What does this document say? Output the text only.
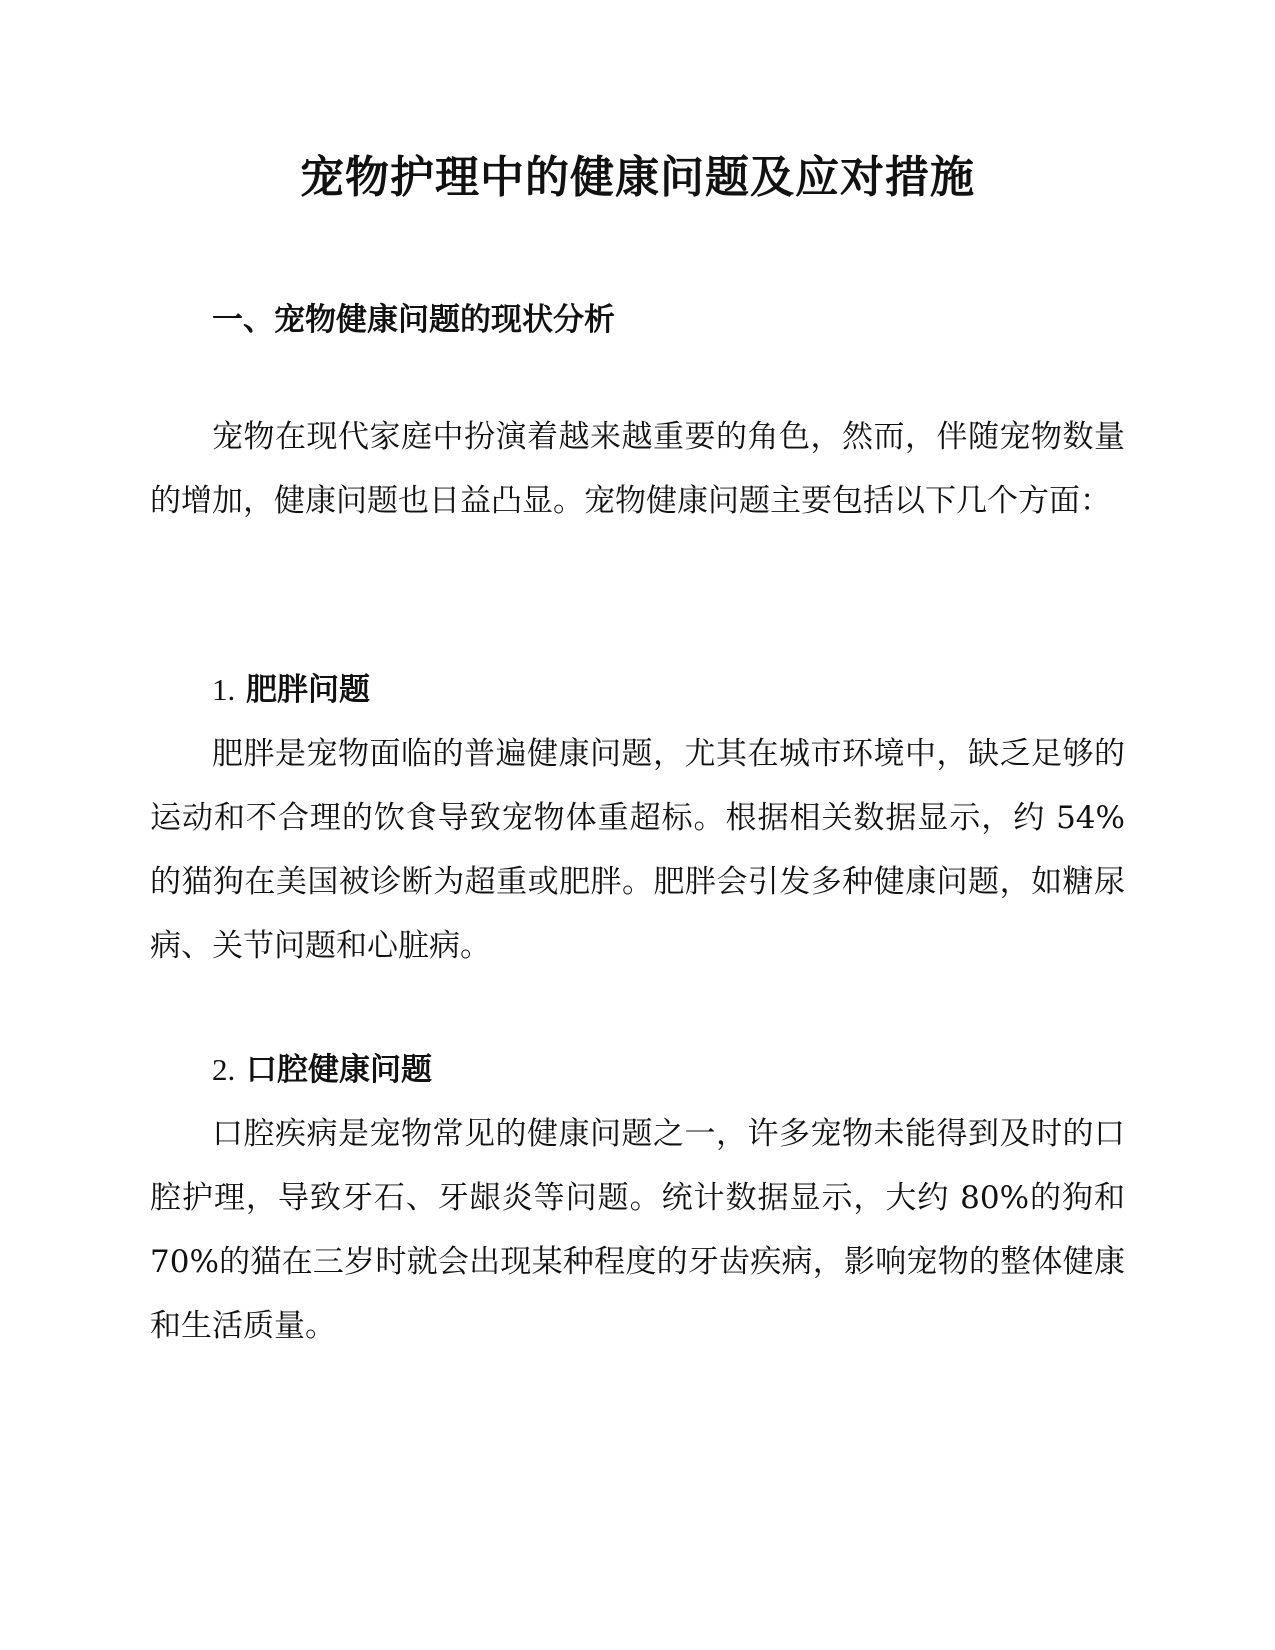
宠物护理中的健康问题及应对措施
一、宠物健康问题的现状分析

宠物在现代家庭中扮演着越来越重要的角色，然而，伴随宠物数量的增加，健康问题也日益凸显。宠物健康问题主要包括以下几个方面：

1. 肥胖问题

肥胖是宠物面临的普遍健康问题，尤其在城市环境中，缺乏足够的运动和不合理的饮食导致宠物体重超标。根据相关数据显示，约 54%的猫狗在美国被诊断为超重或肥胖。肥胖会引发多种健康问题，如糖尿病、关节问题和心脏病。

2. 口腔健康问题

口腔疾病是宠物常见的健康问题之一，许多宠物未能得到及时的口腔护理，导致牙石、牙龈炎等问题。统计数据显示，大约 80%的狗和 70%的猫在三岁时就会出现某种程度的牙齿疾病，影响宠物的整体健康和生活质量。
